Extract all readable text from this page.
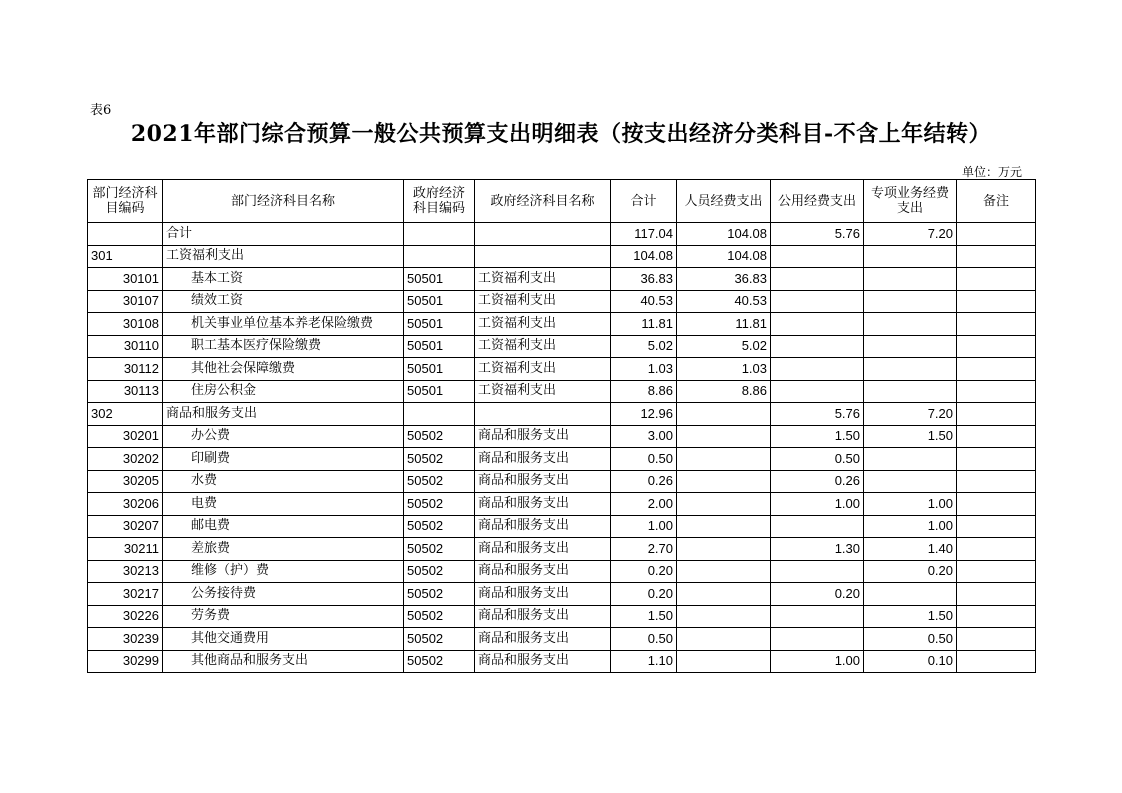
表6
2021年部门综合预算一般公共预算支出明细表（按支出经济分类科目-不含上年结转）
单位：万元
部门经济科目编码	部门经济科目名称	政府经济科目编码	政府经济科目名称	合计	人员经费支出	公用经费支出	专项业务经费支出	备注
	合计			117.04	104.08	5.76	7.20	
301	工资福利支出			104.08	104.08			
30101	基本工资	50501	工资福利支出	36.83	36.83			
30107	绩效工资	50501	工资福利支出	40.53	40.53			
30108	机关事业单位基本养老保险缴费	50501	工资福利支出	11.81	11.81			
30110	职工基本医疗保险缴费	50501	工资福利支出	5.02	5.02			
30112	其他社会保障缴费	50501	工资福利支出	1.03	1.03			
30113	住房公积金	50501	工资福利支出	8.86	8.86			
302	商品和服务支出			12.96		5.76	7.20	
30201	办公费	50502	商品和服务支出	3.00		1.50	1.50	
30202	印刷费	50502	商品和服务支出	0.50		0.50		
30205	水费	50502	商品和服务支出	0.26		0.26		
30206	电费	50502	商品和服务支出	2.00		1.00	1.00	
30207	邮电费	50502	商品和服务支出	1.00			1.00	
30211	差旅费	50502	商品和服务支出	2.70		1.30	1.40	
30213	维修（护）费	50502	商品和服务支出	0.20			0.20	
30217	公务接待费	50502	商品和服务支出	0.20		0.20		
30226	劳务费	50502	商品和服务支出	1.50			1.50	
30239	其他交通费用	50502	商品和服务支出	0.50			0.50	
30299	其他商品和服务支出	50502	商品和服务支出	1.10		1.00	0.10	
